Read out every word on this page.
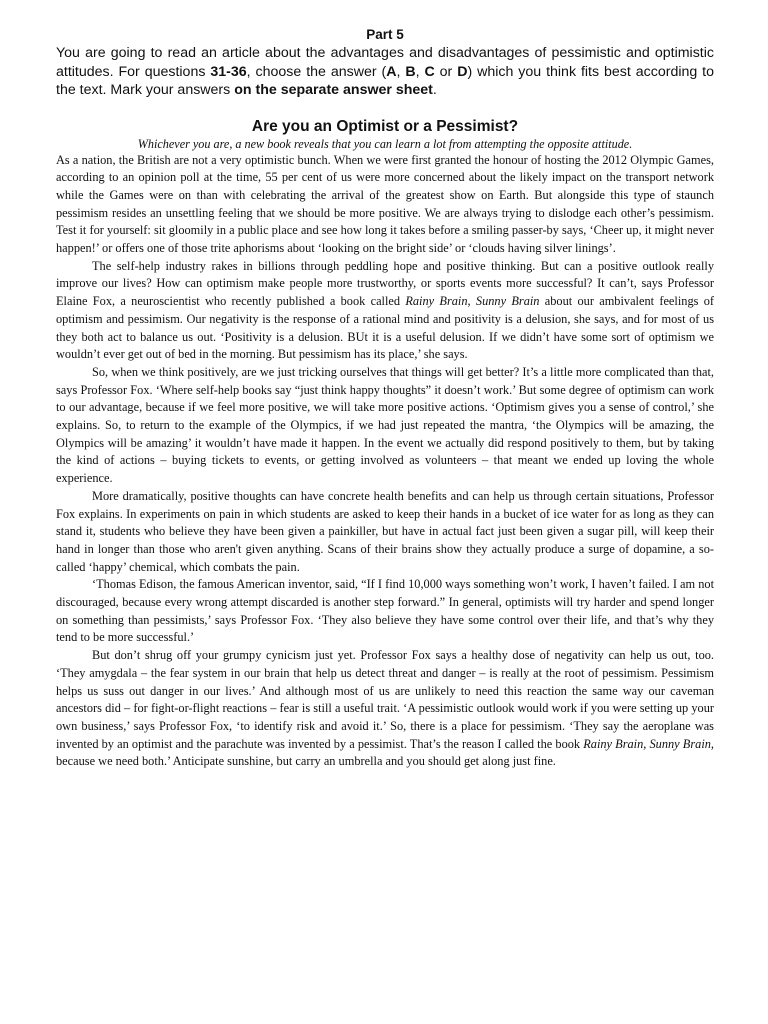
Part 5

You are going to read an article about the advantages and disadvantages of pessimistic and optimistic attitudes. For questions 31-36, choose the answer (A, B, C or D) which you think fits best according to the text. Mark your answers on the separate answer sheet.

Are you an Optimist or a Pessimist?
Whichever you are, a new book reveals that you can learn a lot from attempting the opposite attitude.

As a nation, the British are not a very optimistic bunch. When we were first granted the honour of hosting the 2012 Olympic Games, according to an opinion poll at the time, 55 per cent of us were more concerned about the likely impact on the transport network while the Games were on than with celebrating the arrival of the greatest show on Earth. But alongside this type of staunch pessimism resides an unsettling feeling that we should be more positive. We are always trying to dislodge each other’s pessimism. Test it for yourself: sit gloomily in a public place and see how long it takes before a smiling passer-by says, ‘Cheer up, it might never happen!’ or offers one of those trite aphorisms about ‘looking on the bright side’ or ‘clouds having silver linings’.

The self-help industry rakes in billions through peddling hope and positive thinking. But can a positive outlook really improve our lives? How can optimism make people more trustworthy, or sports events more successful? It can’t, says Professor Elaine Fox, a neuroscientist who recently published a book called Rainy Brain, Sunny Brain about our ambivalent feelings of optimism and pessimism. Our negativity is the response of a rational mind and positivity is a delusion, she says, and for most of us they both act to balance us out. ‘Positivity is a delusion. BUt it is a useful delusion. If we didn’t have some sort of optimism we wouldn’t ever get out of bed in the morning. But pessimism has its place,’ she says.

So, when we think positively, are we just tricking ourselves that things will get better? It’s a little more complicated than that, says Professor Fox. ‘Where self-help books say “just think happy thoughts” it doesn’t work.’ But some degree of optimism can work to our advantage, because if we feel more positive, we will take more positive actions. ‘Optimism gives you a sense of control,’ she explains. So, to return to the example of the Olympics, if we had just repeated the mantra, ‘the Olympics will be amazing, the Olympics will be amazing’ it wouldn’t have made it happen. In the event we actually did respond positively to them, but by taking the kind of actions – buying tickets to events, or getting involved as volunteers – that meant we ended up loving the whole experience.

More dramatically, positive thoughts can have concrete health benefits and can help us through certain situations, Professor Fox explains. In experiments on pain in which students are asked to keep their hands in a bucket of ice water for as long as they can stand it, students who believe they have been given a painkiller, but have in actual fact just been given a sugar pill, will keep their hand in longer than those who aren't given anything. Scans of their brains show they actually produce a surge of dopamine, a so-called ‘happy’ chemical, which combats the pain.

‘Thomas Edison, the famous American inventor, said, “If I find 10,000 ways something won’t work, I haven’t failed. I am not discouraged, because every wrong attempt discarded is another step forward.” In general, optimists will try harder and spend longer on something than pessimists,’ says Professor Fox. ‘They also believe they have some control over their life, and that’s why they tend to be more successful.’

But don’t shrug off your grumpy cynicism just yet. Professor Fox says a healthy dose of negativity can help us out, too. ‘They amygdala – the fear system in our brain that help us detect threat and danger – is really at the root of pessimism. Pessimism helps us suss out danger in our lives.’ And although most of us are unlikely to need this reaction the same way our caveman ancestors did – for fight-or-flight reactions – fear is still a useful trait. ‘A pessimistic outlook would work if you were setting up your own business,’ says Professor Fox, ‘to identify risk and avoid it.’ So, there is a place for pessimism. ‘They say the aeroplane was invented by an optimist and the parachute was invented by a pessimist. That’s the reason I called the book Rainy Brain, Sunny Brain, because we need both.’ Anticipate sunshine, but carry an umbrella and you should get along just fine.
